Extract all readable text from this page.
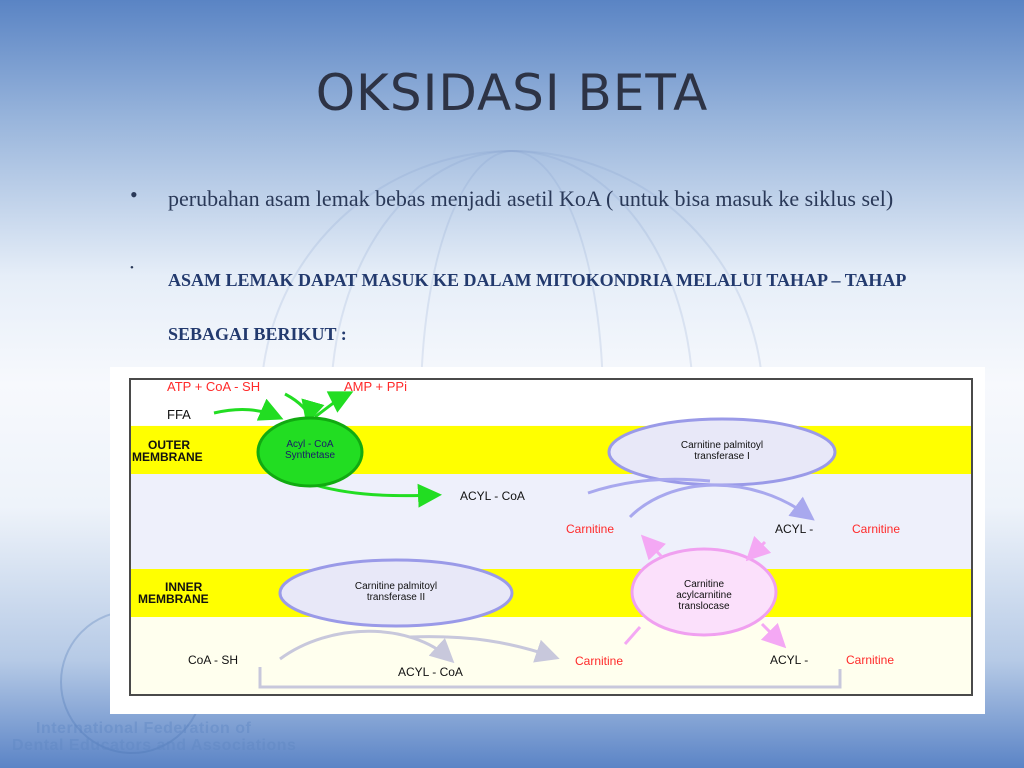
OKSIDASI BETA
• perubahan asam lemak bebas menjadi asetil KoA ( untuk bisa masuk ke siklus sel)
•
ASAM LEMAK DAPAT MASUK KE DALAM MITOKONDRIA MELALUI TAHAP – TAHAP SEBAGAI BERIKUT :
OUTER
MEMBRANE
INNER
MEMBRANE
ATP + CoA - SH	AMP + PPi
FFA
Acyl - CoA
Synthetase
Carnitine palmitoyl
transferase I
ACYL - CoA
Carnitine	ACYL -	Carnitine
Carnitine
acylcarnitine
translocase
Carnitine palmitoyl
transferase II
CoA - SH
ACYL - CoA
Carnitine	ACYL -	Carnitine
International Federation of
Dental Educators and Associations
